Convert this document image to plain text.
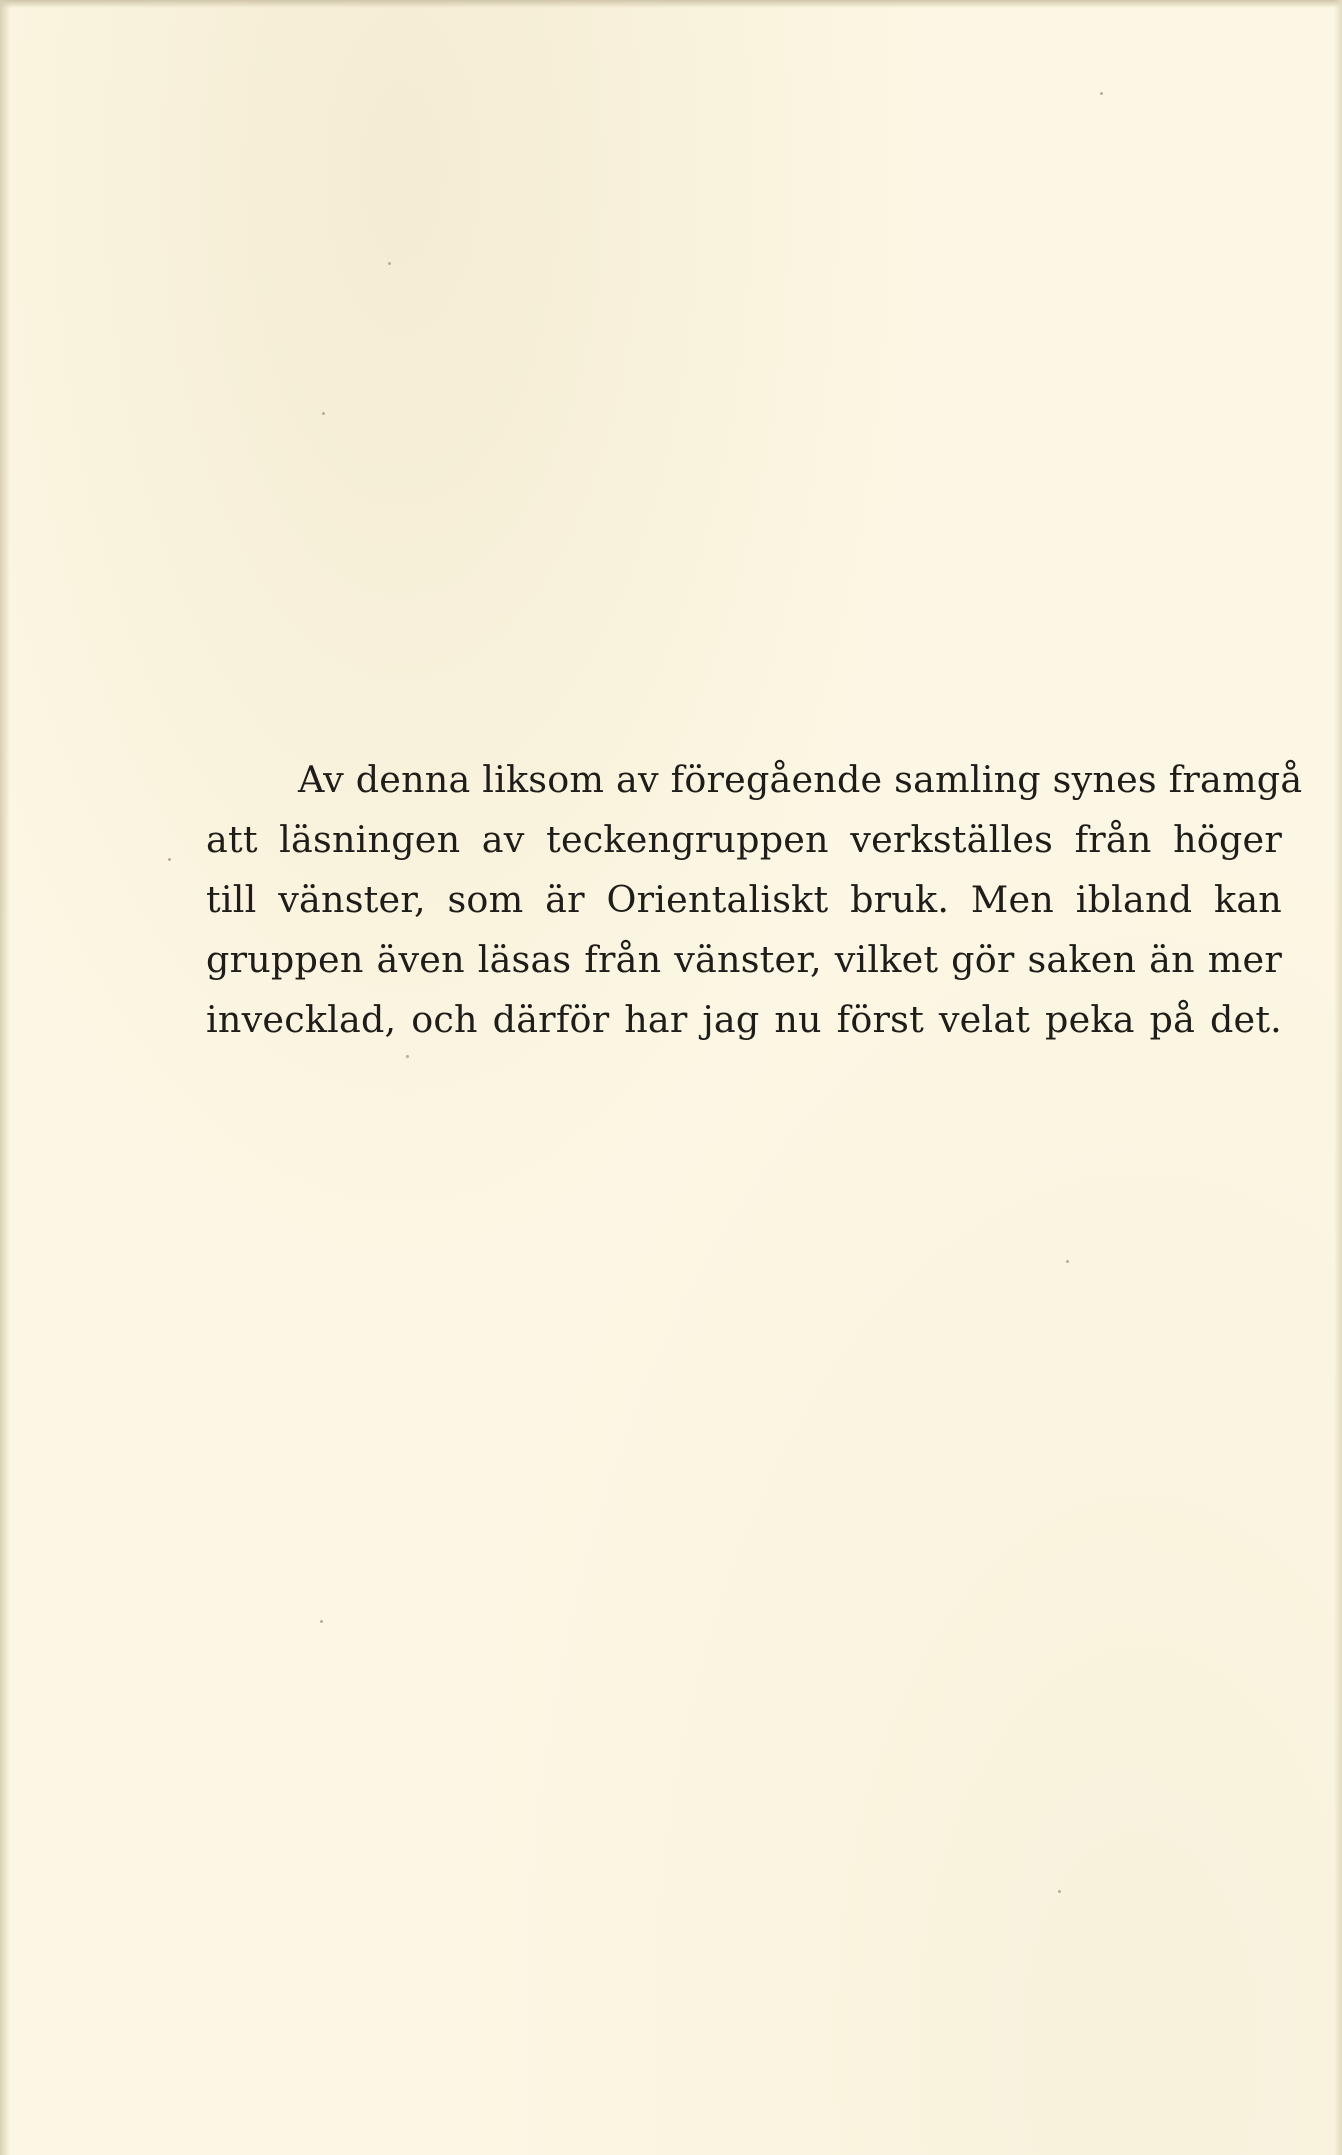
Av denna liksom av föregående samling synes framgå
att läsningen av teckengruppen verkställes från höger
till vänster, som är Orientaliskt bruk. Men ibland kan
gruppen även läsas från vänster, vilket gör saken än mer
invecklad, och därför har jag nu först velat peka på det.
